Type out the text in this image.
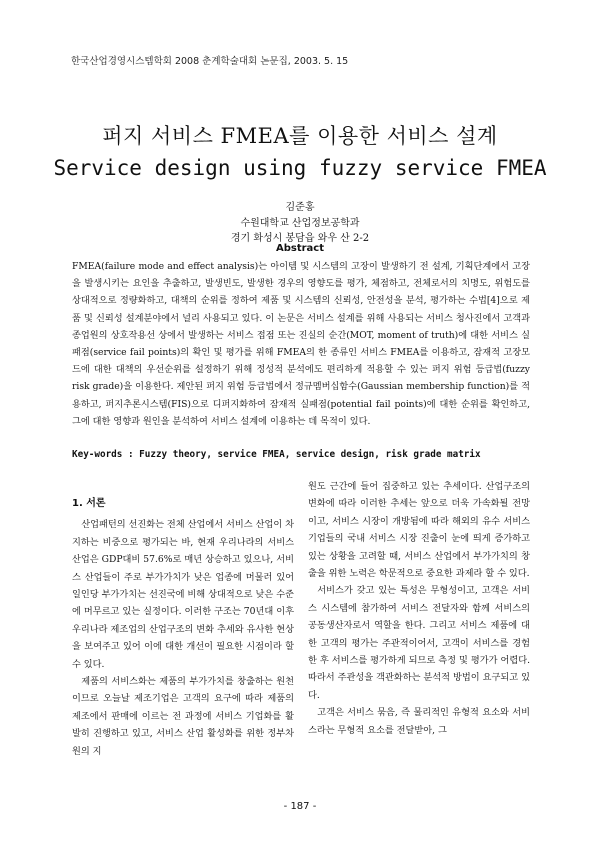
한국산업경영시스템학회 2008 춘계학술대회 논문집, 2003. 5. 15
퍼지 서비스 FMEA를 이용한 서비스 설계
Service design using fuzzy service FMEA
김준홍
수원대학교 산업정보공학과
경기 화성시 봉담읍 와우 산 2-2
Abstract
FMEA(failure mode and effect analysis)는 아이템 및 시스템의 고장이 발생하기 전 설계, 기획단계에서 고장을 발생시키는 요인을 추출하고, 발생빈도, 발생한 경우의 영향도를 평가, 체점하고, 전체로서의 치명도, 위험도를 상대적으로 정량화하고, 대책의 순위를 정하여 제품 및 시스템의 신뢰성, 안전성을 분석, 평가하는 수법[4]으로 제품 및 신뢰성 설계분야에서 널리 사용되고 있다. 이 논문은 서비스 설계를 위해 사용되는 서비스 청사진에서 고객과 종업원의 상호작용선 상에서 발생하는 서비스 접점 또는 진실의 순간(MOT, moment of truth)에 대한 서비스 실패점(service fail points)의 확인 및 평가를 위해 FMEA의 한 종류인 서비스 FMEA를 이용하고, 잠재적 고장모드에 대한 대책의 우선순위를 설정하기 위해 정성적 분석에도 편리하게 적용할 수 있는 퍼지 위험 등급법(fuzzy risk grade)을 이용한다. 제안된 퍼지 위험 등급법에서 정규멤버십함수(Gaussian membership function)를 적용하고, 퍼지추론시스템(FIS)으로 디퍼지화하여 잠재적 실패점(potential fail points)에 대한 순위를 확인하고, 그에 대한 영향과 원인을 분석하여 서비스 설계에 이용하는 데 목적이 있다.
Key-words : Fuzzy theory, service FMEA, service design, risk grade matrix
1. 서론

산업패턴의 선진화는 전체 산업에서 서비스 산업이 차지하는 비중으로 평가되는 바, 현재 우리나라의 서비스 산업은 GDP대비 57.6%로 매년 상승하고 있으나, 서비스 산업들이 주로 부가가치가 낮은 업종에 머물러 있어 일인당 부가가치는 선진국에 비해 상대적으로 낮은 수준에 머무르고 있는 실정이다. 이러한 구조는 70년대 이후 우리나라 제조업의 산업구조의 변화 추세와 유사한 현상을 보여주고 있어 이에 대한 개선이 필요한 시점이라 할 수 있다.

제품의 서비스화는 제품의 부가가치를 창출하는 원천이므로 오늘날 제조기업은 고객의 요구에 따라 제품의 제조에서 판매에 이르는 전 과정에 서비스 기업화를 활발히 진행하고 있고, 서비스 산업 활성화를 위한 정부차원의 지

원도 근간에 들어 집중하고 있는 추세이다. 산업구조의 변화에 따라 이러한 추세는 앞으로 더욱 가속화될 전망이고, 서비스 시장이 개방됨에 따라 해외의 유수 서비스 기업들의 국내 서비스 시장 진출이 눈에 띄게 증가하고 있는 상황을 고려할 때, 서비스 산업에서 부가가치의 창출을 위한 노력은 학문적으로 중요한 과제라 할 수 있다.

서비스가 갖고 있는 특성은 무형성이고, 고객은 서비스 시스템에 참가하여 서비스 전달자와 함께 서비스의 공동생산자로서 역할을 한다. 그리고 서비스 제품에 대한 고객의 평가는 주관적이어서, 고객이 서비스를 경험한 후 서비스를 평가하게 되므로 측정 및 평가가 어렵다. 따라서 주관성을 객관화하는 분석적 방법이 요구되고 있다.

고객은 서비스 묶음, 즉 물리적인 유형적 요소와 서비스라는 무형적 요소를 전달받아, 그

- 187 -
